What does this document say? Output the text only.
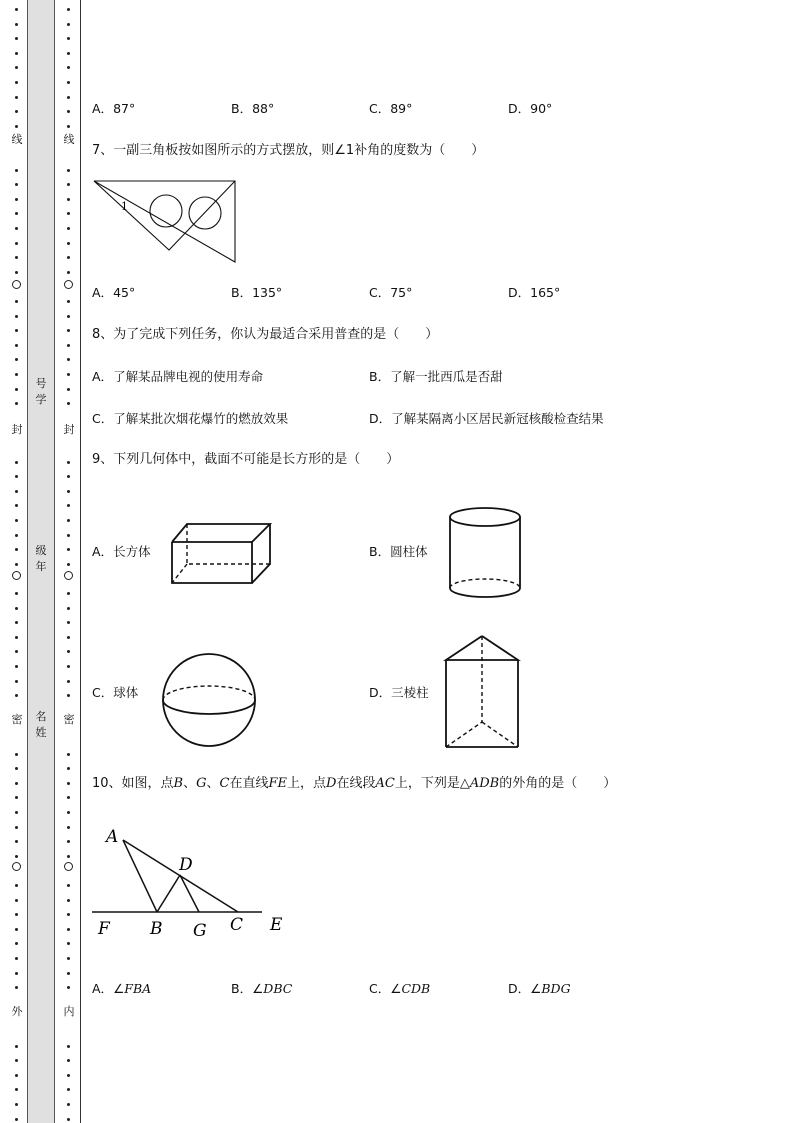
线
封
密
外
线
封
密
内
号
学
级
年
名
姓
A．87°	B．88°	C．89°	D．90°
7、一副三角板按如图所示的方式摆放，则∠1补角的度数为（　　）
1
A．45°	B．135°	C．75°	D．165°
8、为了完成下列任务，你认为最适合采用普查的是（　　）
A．了解某品牌电视的使用寿命	B．了解一批西瓜是否甜
C．了解某批次烟花爆竹的燃放效果	D．了解某隔离小区居民新冠核酸检查结果
9、下列几何体中，截面不可能是长方形的是（　　）
A．长方体	B．圆柱体
C．球体	D．三棱柱
10、如图，点B、G、C在直线FE上，点D在线段AC上，下列是△ADB的外角的是（　　）
A
D
F B G C E
A．∠FBA	B．∠DBC	C．∠CDB	D．∠BDG
